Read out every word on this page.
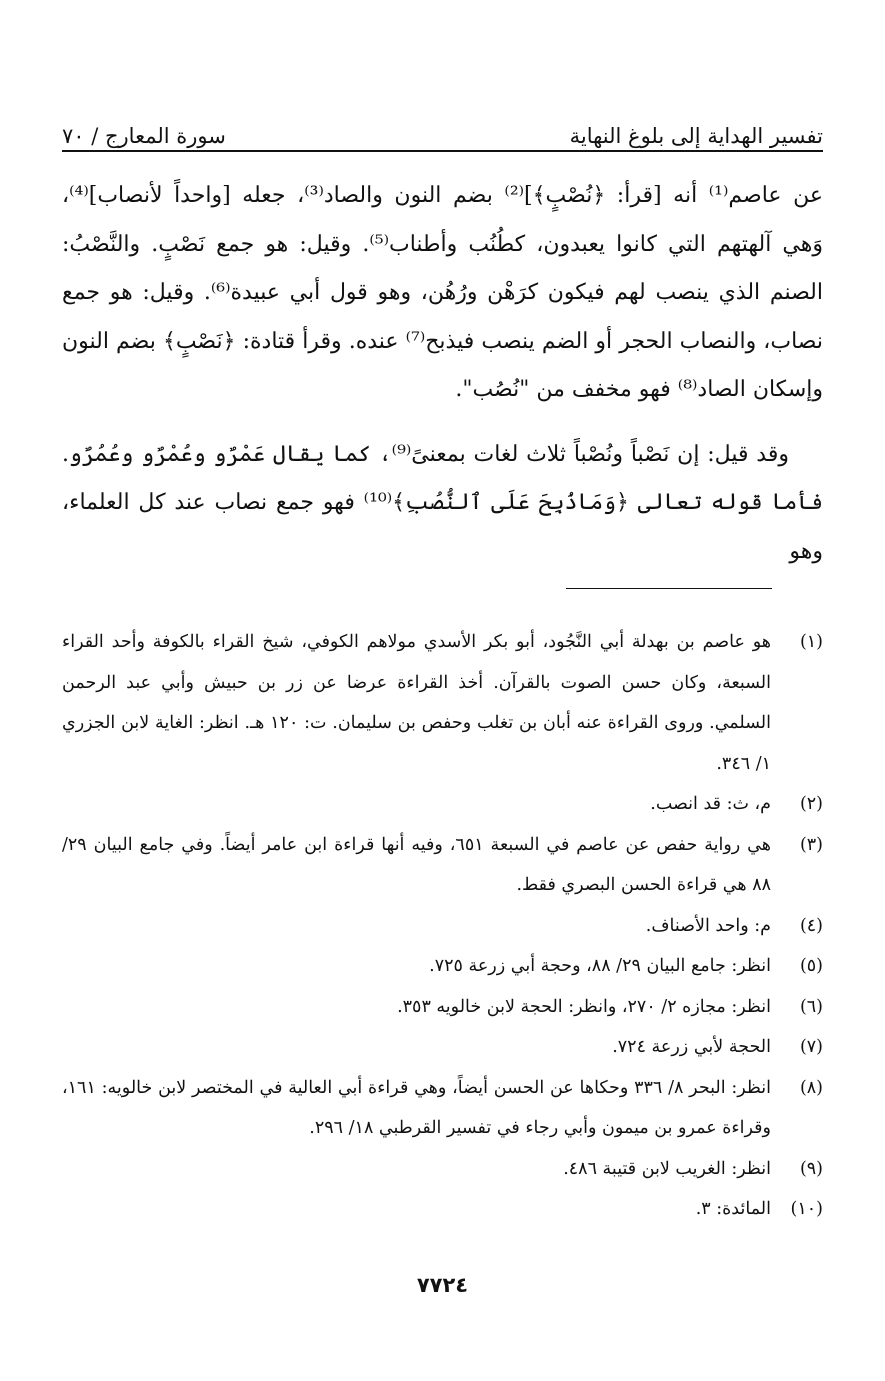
تفسير الهداية إلى بلوغ النهاية
سورة المعارج / ٧٠

عن عاصم⁽¹⁾ أنه [قرأ: ﴿نُصْبٍ﴾]⁽²⁾ بضم النون والصاد⁽³⁾، جعله [واحداً لأنصاب]⁽⁴⁾، وَهي آلهتهم التي كانوا يعبدون، كطُنُب وأطناب⁽⁵⁾. وقيل: هو جمع نَصْبٍ. والنَّصْبُ: الصنم الذي ينصب لهم فيكون كرَهْن ورُهُن، وهو قول أبي عبيدة⁽⁶⁾. وقيل: هو جمع نصاب، والنصاب الحجر أو الضم ينصب فيذبح⁽⁷⁾ عنده. وقرأ قتادة: ﴿نَصْبٍ﴾ بضم النون وإسكان الصاد⁽⁸⁾ فهو مخفف من "نُصُب".

وقد قيل: إن نَصْباً ونُصْباً ثلاث لغات بمعنىً⁽⁹⁾، كما يقال عَمْرٌو وعُمْرٌو وعُمُرٌو. فأما قوله تعالى ﴿وَمَاذُبِحَ عَلَى ٱلنُّصُبِ﴾⁽¹⁰⁾ فهو جمع نصاب عند كل العلماء، وهو

(١)
هو عاصم بن بهدلة أبي النَّجُود، أبو بكر الأسدي مولاهم الكوفي، شيخ القراء بالكوفة وأحد القراء السبعة، وكان حسن الصوت بالقرآن. أخذ القراءة عرضا عن زر بن حبيش وأبي عبد الرحمن السلمي. وروى القراءة عنه أبان بن تغلب وحفص بن سليمان. ت: ١٢٠ هـ. انظر: الغاية لابن الجزري ١/ ٣٤٦.
(٢)
م، ث: قد انصب.
(٣)
هي رواية حفص عن عاصم في السبعة ٦٥١، وفيه أنها قراءة ابن عامر أيضاً. وفي جامع البيان ٢٩/ ٨٨ هي قراءة الحسن البصري فقط.
(٤)
م: واحد الأصناف.
(٥)
انظر: جامع البيان ٢٩/ ٨٨، وحجة أبي زرعة ٧٢٥.
(٦)
انظر: مجازه ٢/ ٢٧٠، وانظر: الحجة لابن خالويه ٣٥٣.
(٧)
الحجة لأبي زرعة ٧٢٤.
(٨)
انظر: البحر ٨/ ٣٣٦ وحكاها عن الحسن أيضاً، وهي قراءة أبي العالية في المختصر لابن خالويه: ١٦١، وقراءة عمرو بن ميمون وأبي رجاء في تفسير القرطبي ١٨/ ٢٩٦.
(٩)
انظر: الغريب لابن قتيبة ٤٨٦.
(١٠)
المائدة: ٣.
٧٧٢٤
